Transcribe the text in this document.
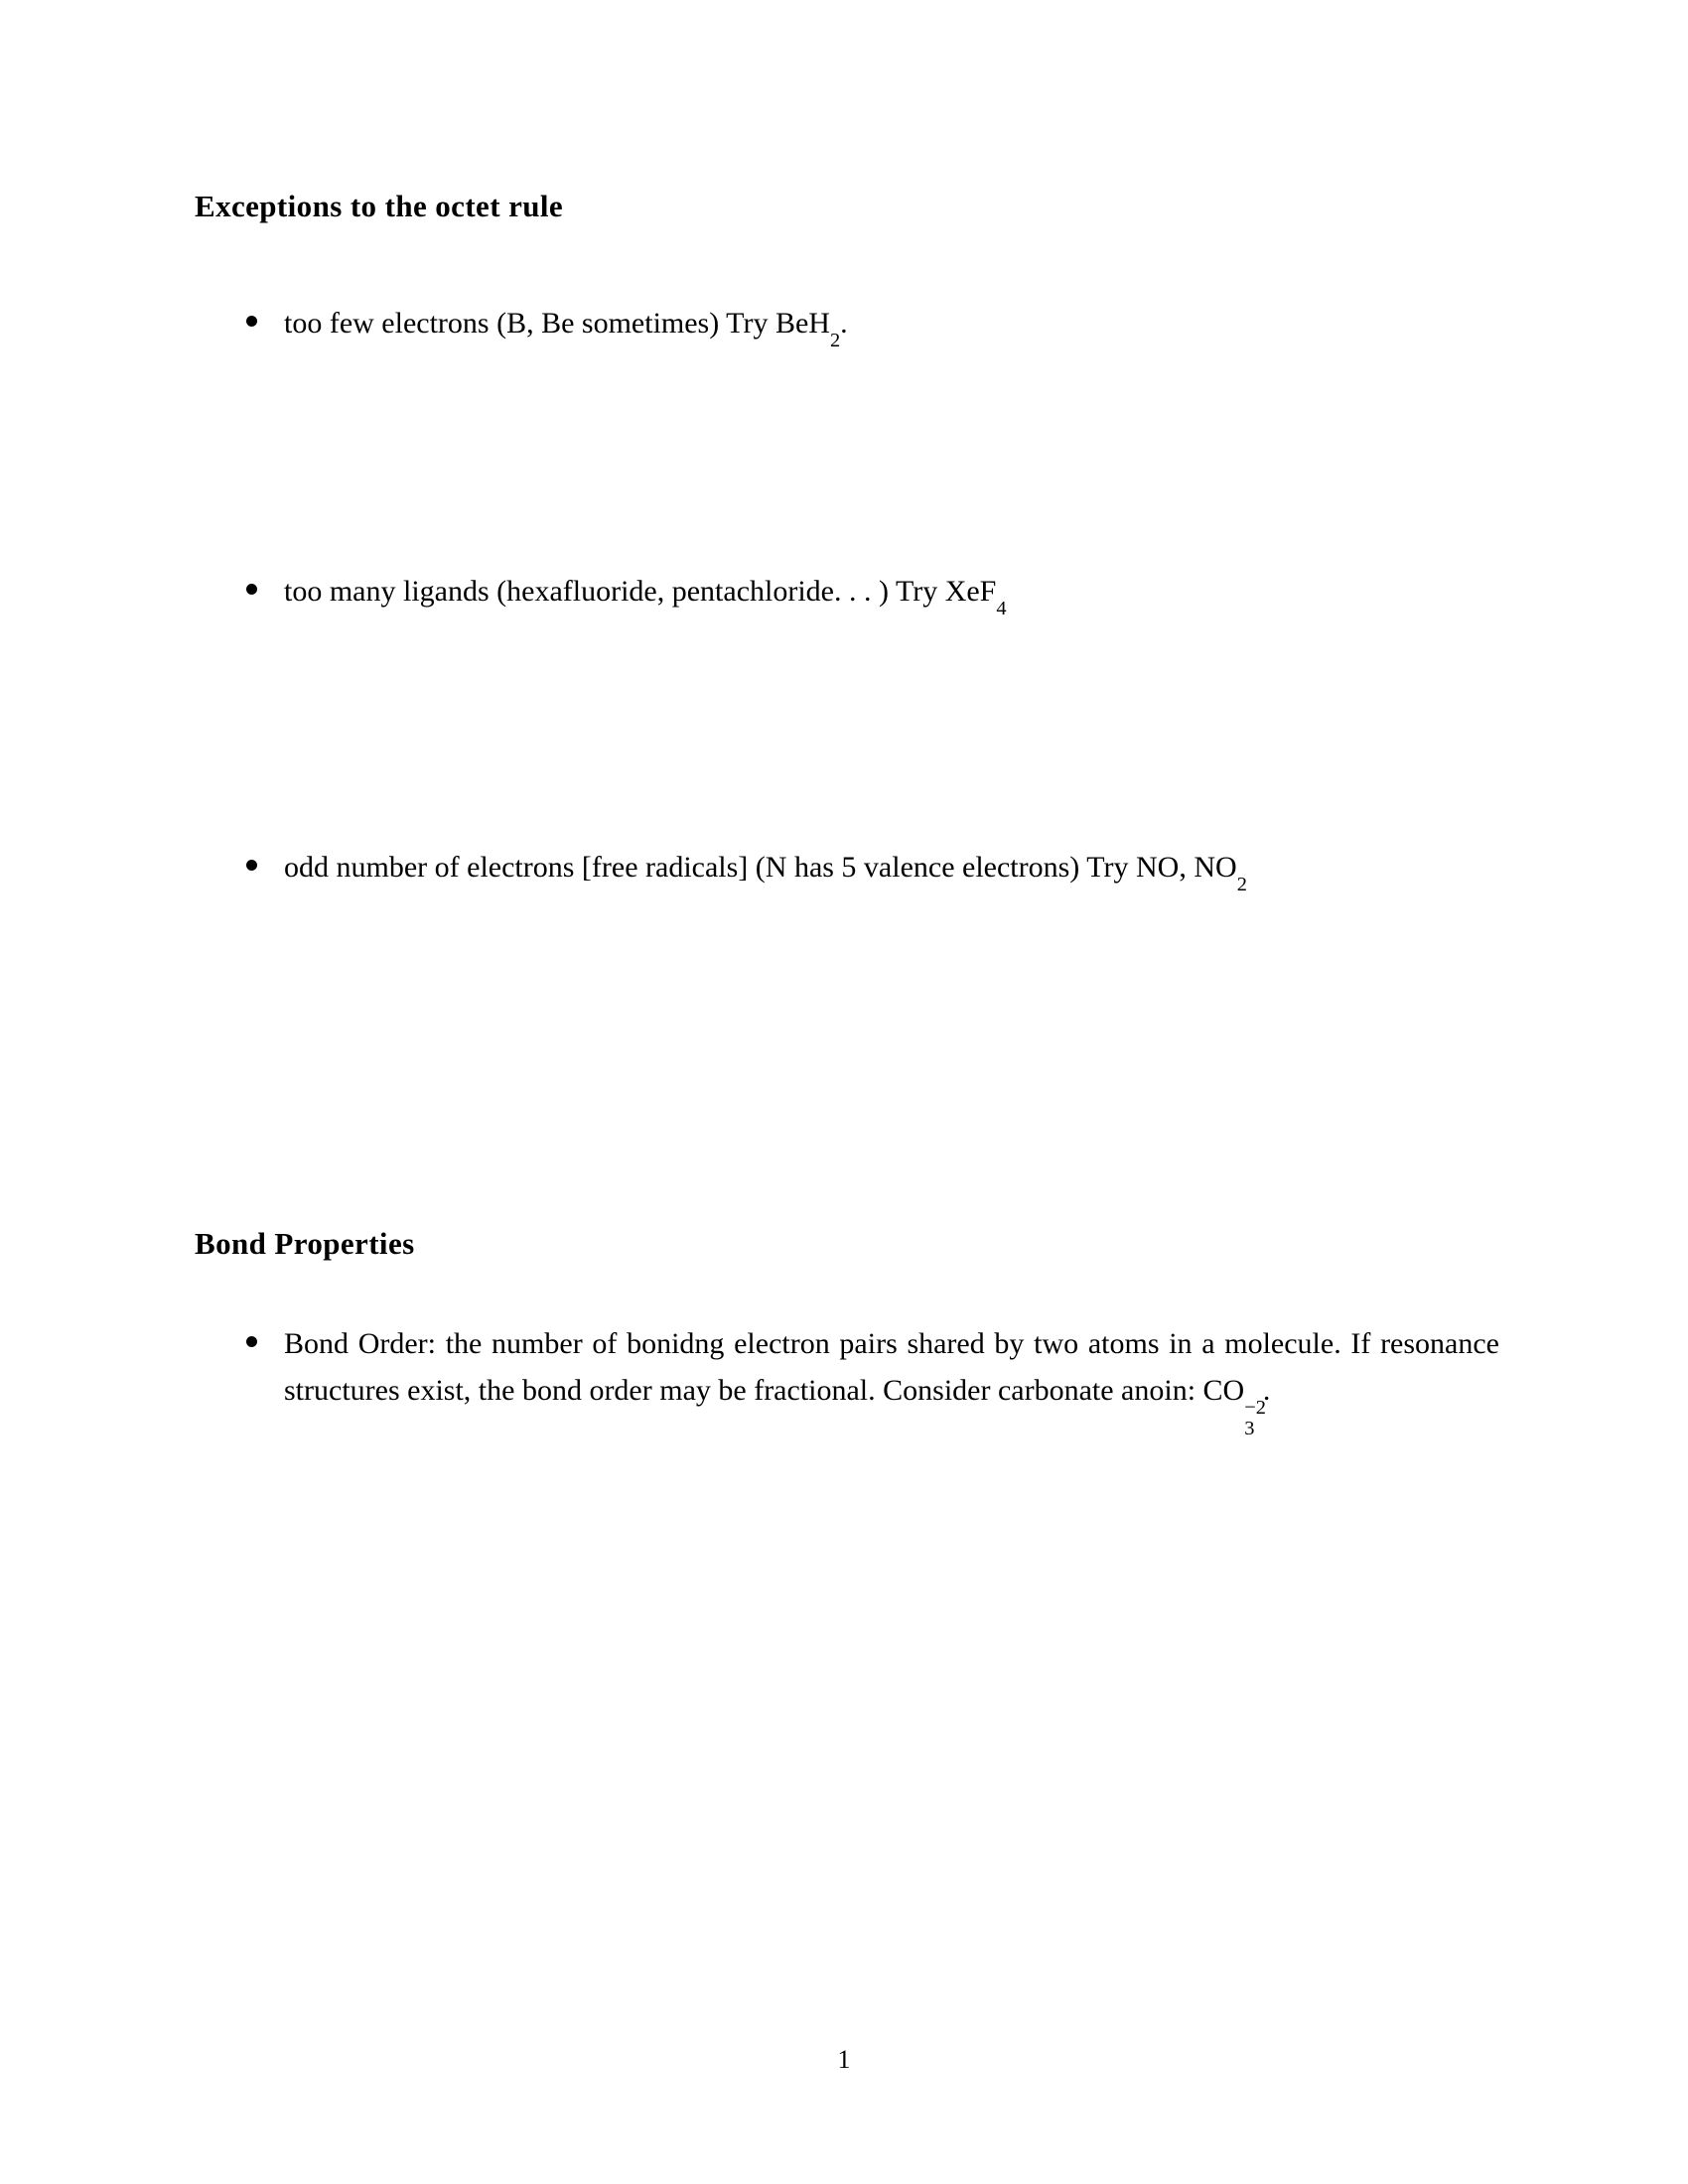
Exceptions to the octet rule
too few electrons (B, Be sometimes) Try BeH$_2$.
too many ligands (hexafluoride, pentachloride. . . ) Try XeF$_4$
odd number of electrons [free radicals] (N has 5 valence electrons) Try NO, $NO_2$
Bond Properties
Bond Order: the number of bonidng electron pairs shared by two atoms in a molecule. If resonance structures exist, the bond order may be fractional. Consider carbonate anoin: CO
3
−2
.
1
